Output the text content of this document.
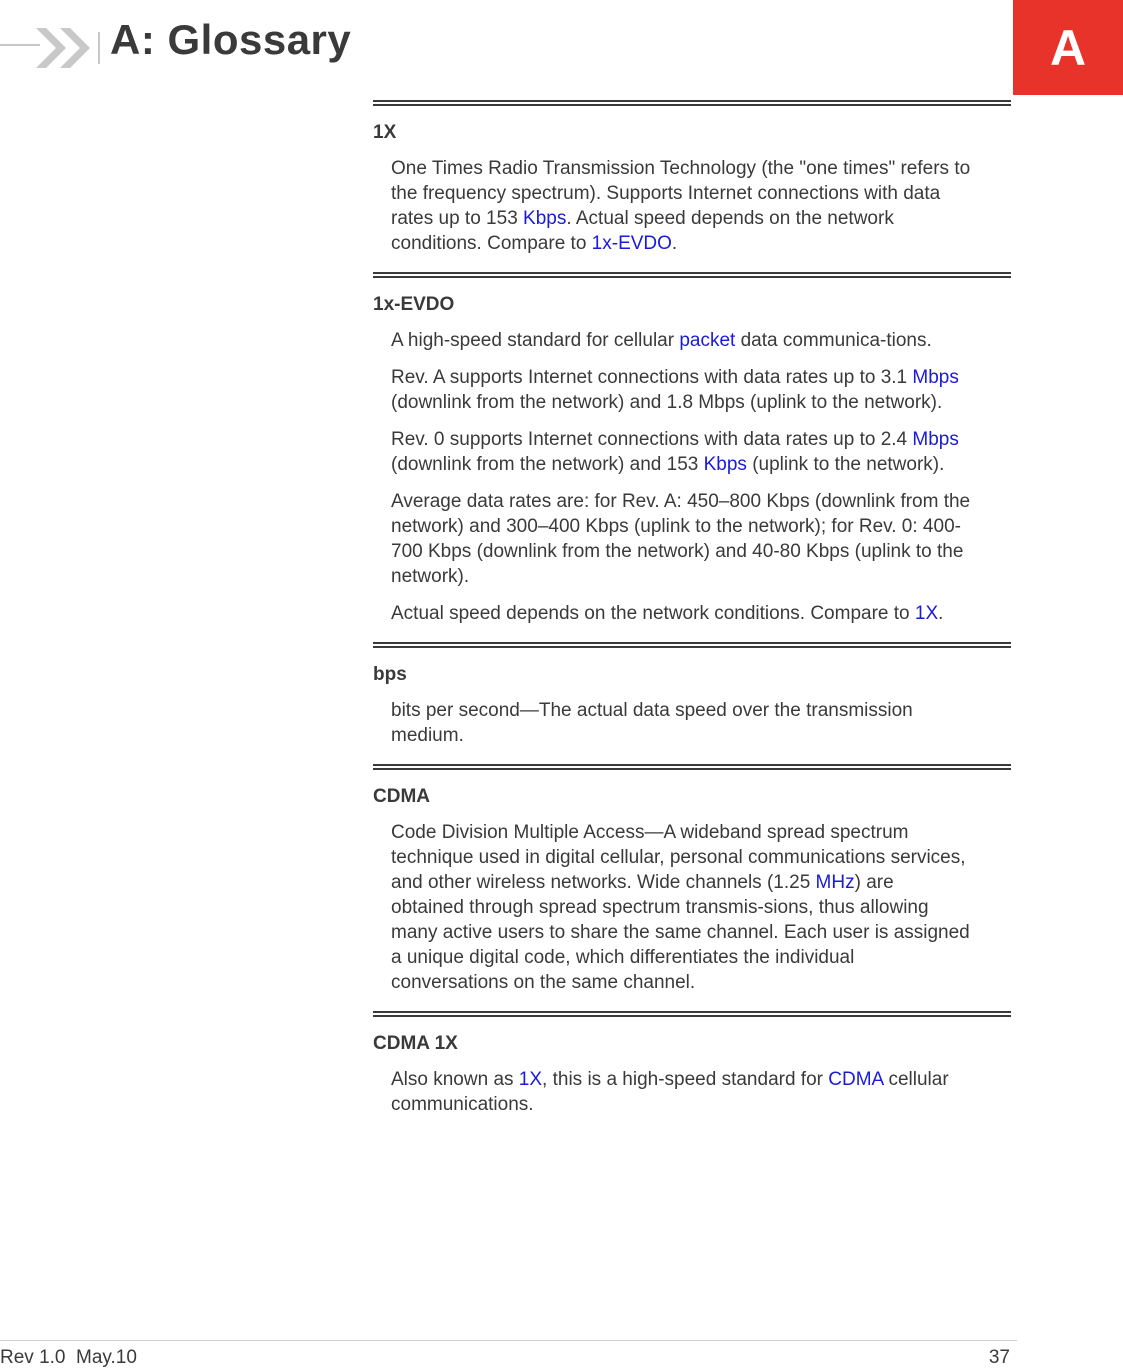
A: Glossary	A
1X

One Times Radio Transmission Technology (the "one times" refers to the frequency spectrum). Supports Internet connections with data rates up to 153 Kbps. Actual speed depends on the network conditions. Compare to 1x-EVDO.

1x-EVDO

A high-speed standard for cellular packet data communica-tions.

Rev. A supports Internet connections with data rates up to 3.1 Mbps (downlink from the network) and 1.8 Mbps (uplink to the network).

Rev. 0 supports Internet connections with data rates up to 2.4 Mbps (downlink from the network) and 153 Kbps (uplink to the network).

Average data rates are: for Rev. A: 450–800 Kbps (downlink from the network) and 300–400 Kbps (uplink to the network); for Rev. 0: 400-700 Kbps (downlink from the network) and 40-80 Kbps (uplink to the network).

Actual speed depends on the network conditions. Compare to 1X.

bps

bits per second—The actual data speed over the transmission medium.

CDMA

Code Division Multiple Access—A wideband spread spectrum technique used in digital cellular, personal communications services, and other wireless networks. Wide channels (1.25 MHz) are obtained through spread spectrum transmis-sions, thus allowing many active users to share the same channel. Each user is assigned a unique digital code, which differentiates the individual conversations on the same channel.

CDMA 1X

Also known as 1X, this is a high-speed standard for CDMA cellular communications.

Rev 1.0  May.10	37
